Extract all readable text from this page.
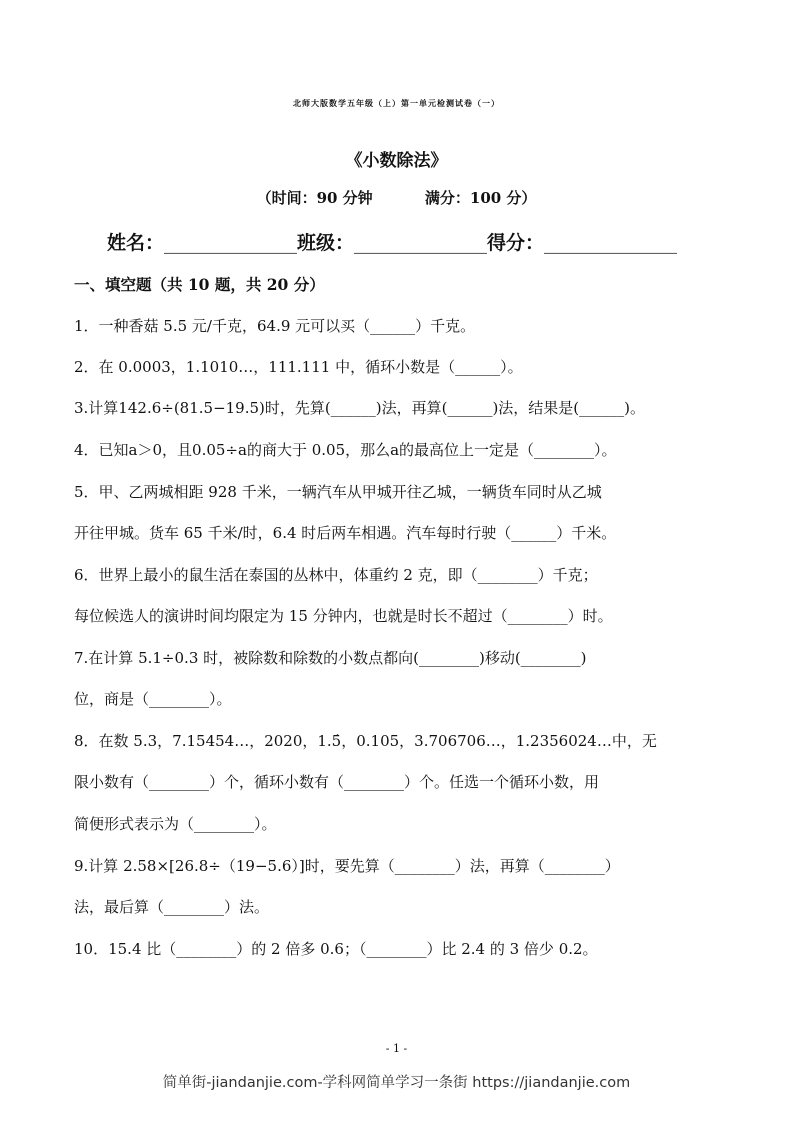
北师大版数学五年级（上）第一单元检测试卷（一）
《小数除法》
（时间：90 分钟          满分：100 分）
姓名：______________班级：______________得分：______________
一、填空题（共 10 题，共 20 分）
1．一种香菇 5.5 元/千克，64.9 元可以买（______）千克。
2．在 0.0003，1.1010…，111.111 中，循环小数是（______）。
3.计算142.6÷(81.5−19.5)时，先算(______)法，再算(______)法，结果是(______)。
4．已知a＞0，且0.05÷a的商大于 0.05，那么a的最高位上一定是（________）。
5．甲、乙两城相距 928 千米，一辆汽车从甲城开往乙城，一辆货车同时从乙城
开往甲城。货车 65 千米/时，6.4 时后两车相遇。汽车每时行驶（______）千米。
6．世界上最小的鼠生活在泰国的丛林中，体重约 2 克，即（________）千克；
每位候选人的演讲时间均限定为 15 分钟内，也就是时长不超过（________）时。
7.在计算 5.1÷0.3 时，被除数和除数的小数点都向(________)移动(________)
位，商是（________）。
8．在数 5.3，7.15454…，2020，1.5̇，0.105，3.706706…，1.2356024…中，无
限小数有（________）个，循环小数有（________）个。任选一个循环小数，用
简便形式表示为（________）。
9.计算 2.58×[26.8÷（19−5.6）]时，要先算（________）法，再算（________）
法，最后算（________）法。
10．15.4 比（________）的 2 倍多 0.6；（________）比 2.4 的 3 倍少 0.2。
- 1 -
简单街-jiandanjie.com-学科网简单学习一条街 https://jiandanjie.com
